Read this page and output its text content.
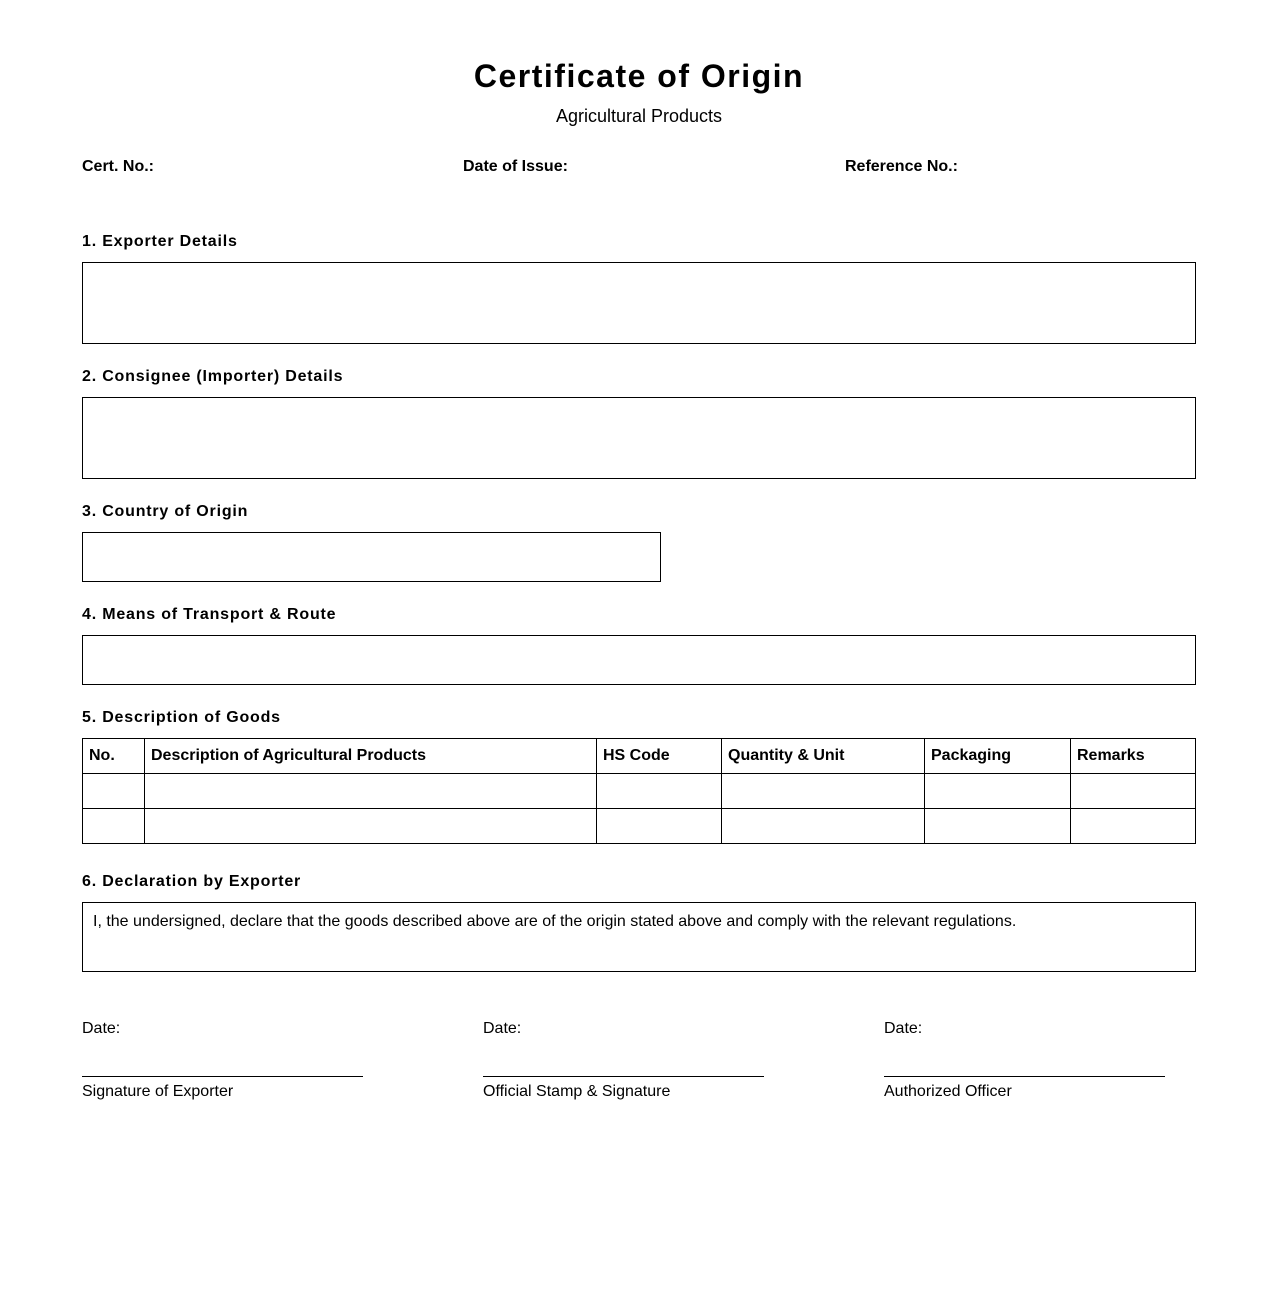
Certificate of Origin
Agricultural Products
Cert. No.:	Date of Issue:	Reference No.:
1. Exporter Details
2. Consignee (Importer) Details
3. Country of Origin
4. Means of Transport & Route
5. Description of Goods
No.	Description of Agricultural Products	HS Code	Quantity & Unit	Packaging	Remarks

6. Declaration by Exporter
I, the undersigned, declare that the goods described above are of the origin stated above and comply with the relevant regulations.
Date:
Signature of Exporter
Date:
Official Stamp & Signature
Date:
Authorized Officer
